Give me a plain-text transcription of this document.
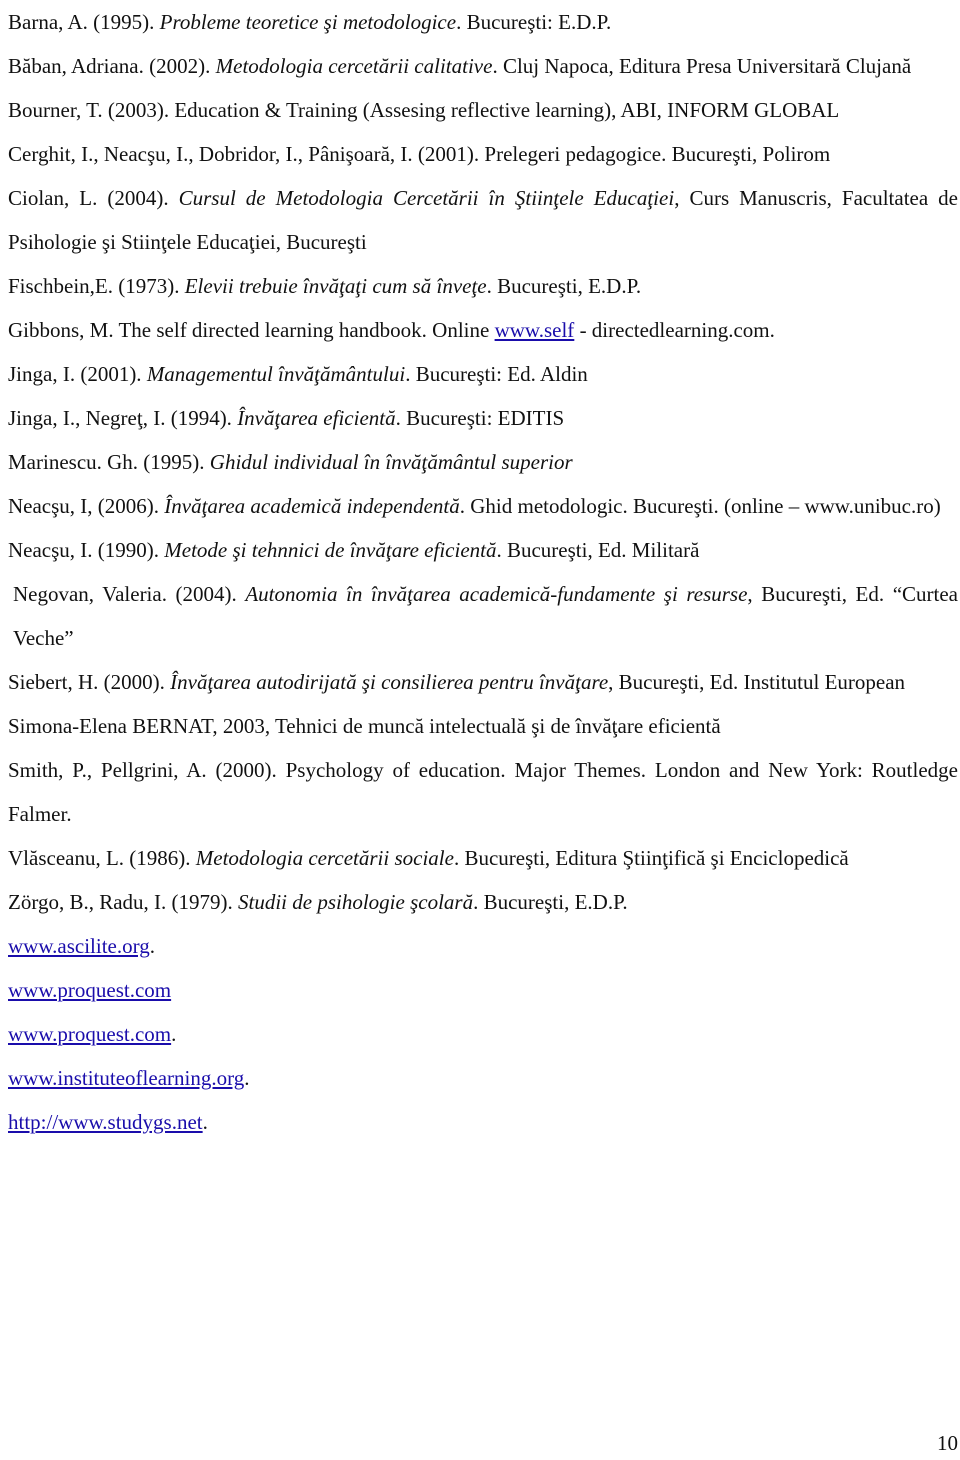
Barna, A. (1995). Probleme teoretice şi metodologice. Bucureşti: E.D.P.

Băban, Adriana. (2002). Metodologia cercetării calitative. Cluj Napoca, Editura Presa Universitară Clujană

Bourner, T. (2003). Education & Training (Assesing reflective learning), ABI, INFORM GLOBAL

Cerghit, I., Neacşu, I., Dobridor, I., Pânişoară, I. (2001). Prelegeri pedagogice. Bucureşti, Polirom

Ciolan, L. (2004). Cursul de Metodologia Cercetării în Ştiinţele Educaţiei, Curs Manuscris, Facultatea de Psihologie şi Stiinţele Educaţiei, Bucureşti

Fischbein,E. (1973). Elevii trebuie învăţaţi cum să înveţe. Bucureşti, E.D.P.

Gibbons, M. The self directed learning handbook. Online www.self - directedlearning.com.

Jinga, I. (2001). Managementul învăţământului. Bucureşti: Ed. Aldin

Jinga, I., Negreţ, I. (1994). Învăţarea eficientă. Bucureşti: EDITIS

Marinescu. Gh. (1995). Ghidul individual în învăţământul superior

Neacşu, I, (2006). Învăţarea academică independentă. Ghid metodologic. Bucureşti. (online – www.unibuc.ro)

Neacşu, I. (1990). Metode şi tehnnici de învăţare eficientă. Bucureşti, Ed. Militară

Negovan, Valeria. (2004). Autonomia în învăţarea academică-fundamente şi resurse, Bucureşti, Ed. “Curtea Veche”

Siebert, H. (2000). Învăţarea autodirijată şi consilierea pentru învăţare, Bucureşti, Ed. Institutul European

Simona-Elena BERNAT, 2003, Tehnici de muncă intelectuală şi de învăţare eficientă

Smith, P., Pellgrini, A. (2000). Psychology of education. Major Themes. London and New York: Routledge Falmer.

Vlăsceanu, L. (1986). Metodologia cercetării sociale. Bucureşti, Editura Ştiinţifică şi Enciclopedică

Zörgo, B., Radu, I. (1979). Studii de psihologie şcolară. Bucureşti, E.D.P.

www.ascilite.org.

www.proquest.com

www.proquest.com.

www.instituteoflearning.org.

http://www.studygs.net.

10
